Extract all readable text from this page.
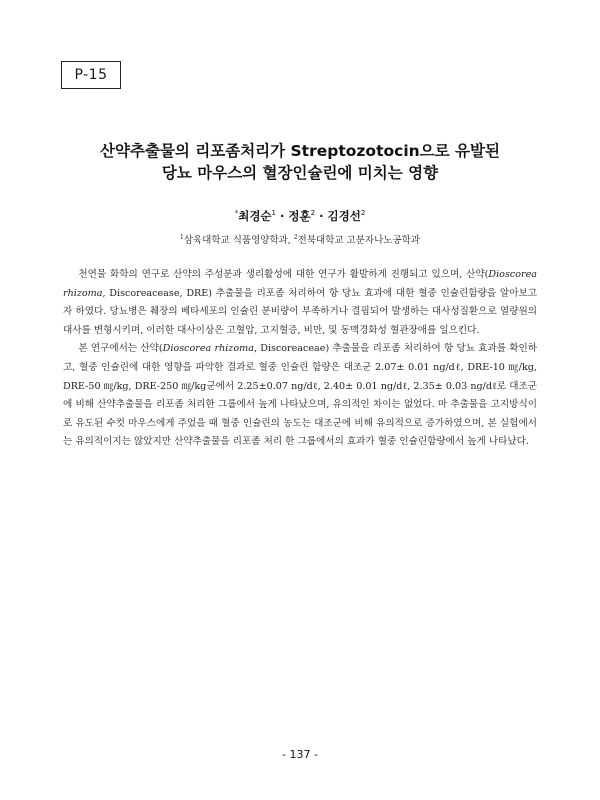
P-15
산약추출물의 리포좀처리가 Streptozotocin으로 유발된
당뇨 마우스의 혈장인슐린에 미치는 영향
*최경순$^1$ · 정훈$^2$ · 김경선$^2$
$^1$삼육대학교 식품영양학과, $^2$전북대학교 고분자나노공학과

천연물 화학의 연구로 산약의 주성분과 생리활성에 대한 연구가 활발하게 진행되고 있으며, 산약(Dioscorea rhizoma, Discoreacease, DRE) 추출물을 리포좀 처리하여 항 당뇨 효과에 대한 혈중 인슐린함량을 알아보고자 하였다. 당뇨병은 췌장의 베타세포의 인슐린 분비량이 부족하거나 결핍되어 발생하는 대사성질환으로 열량원의 대사를 변형시키며, 이러한 대사이상은 고혈압, 고지혈증, 비만, 및 동맥경화성 혈관장애를 일으킨다.

본 연구에서는 산약(Dioscorea rhizoma, Discoreaceae) 추출물을 리포좀 처리하여 항 당뇨 효과를 확인하고, 혈중 인슐린에 대한 영향을 파악한 결과로 혈중 인슐린 함량은 대조군 2.07± 0.01 ng/dℓ, DRE-10 ㎎/kg, DRE-50 ㎎/kg, DRE-250 ㎎/kg군에서 2.25±0.07 ng/dℓ, 2.40± 0.01 ng/dℓ, 2.35± 0.03 ng/dℓ로 대조군에 비해 산약추출물을 리포좀 처리한 그룹에서 높게 나타났으며, 유의적인 차이는 없었다. 마 추출물을 고지방식이로 유도된 수컷 마우스에게 주었을 때 혈중 인슐린의 농도는 대조군에 비해 유의적으로 증가하였으며, 본 실험에서는 유의적이지는 않았지만 산약추출물을 리포좀 처리 한 그룹에서의 효과가 혈중 인슐린함량에서 높게 나타났다.

- 137 -
